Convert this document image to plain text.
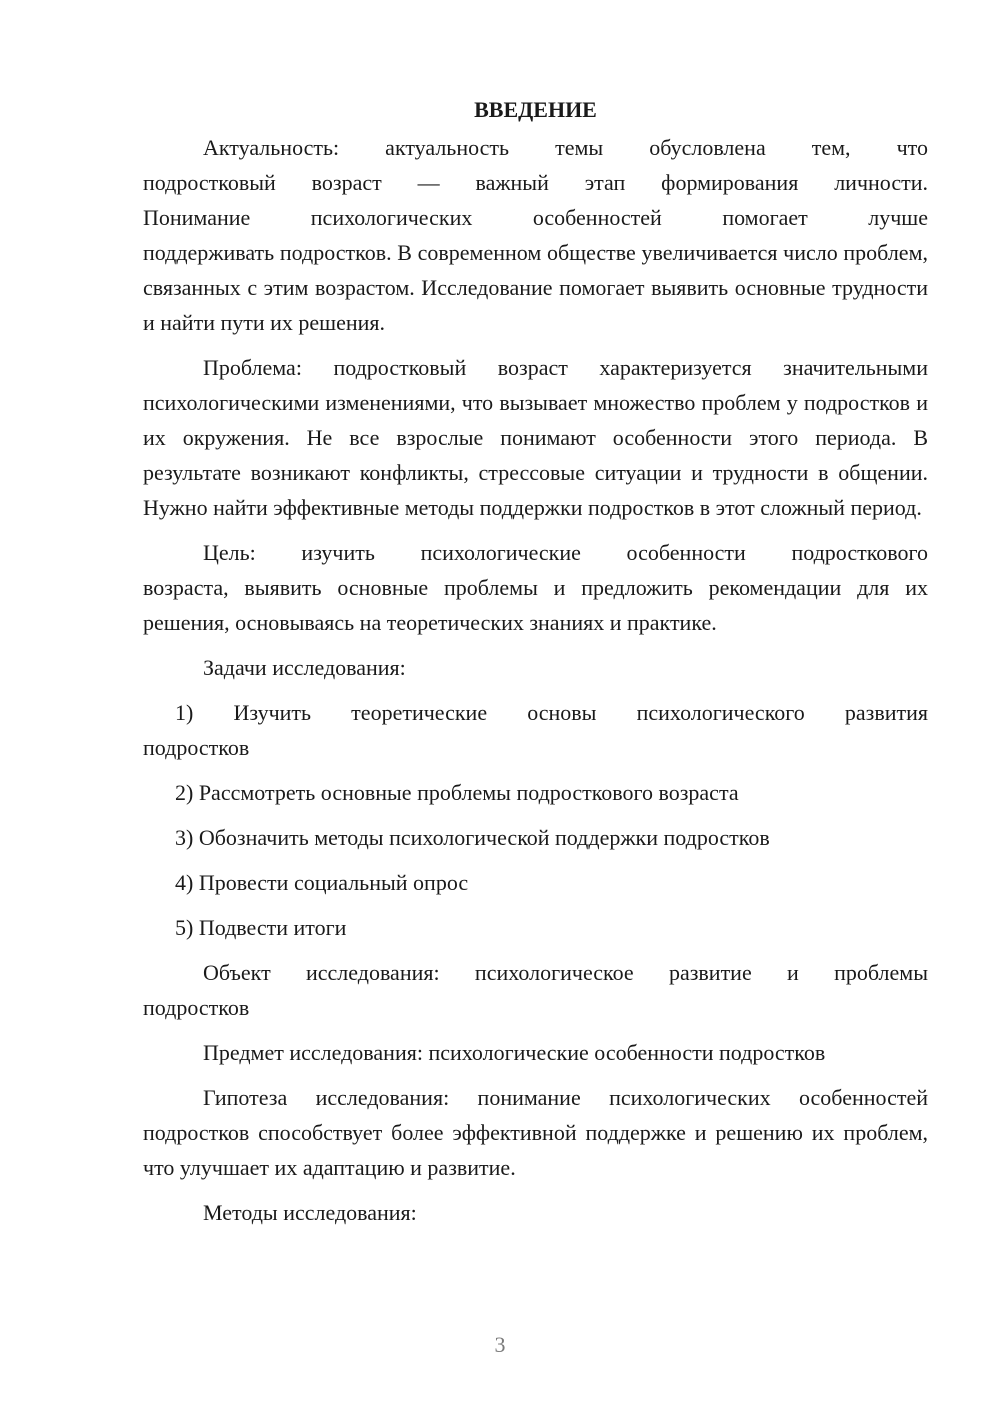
ВВЕДЕНИЕ
Актуальность: актуальность темы обусловлена тем, что
подростковый возраст — важный этап формирования личности.
Понимание психологических особенностей помогает лучше
поддерживать подростков. В современном обществе увеличивается число проблем, связанных с этим возрастом. Исследование помогает выявить основные трудности и найти пути их решения.
Проблема: подростковый возраст характеризуется значительными психологическими изменениями, что вызывает множество проблем у подростков и их окружения. Не все взрослые понимают особенности этого периода. В результате возникают конфликты, стрессовые ситуации и трудности в общении. Нужно найти эффективные методы поддержки подростков в этот сложный период.
Цель: изучить психологические особенности подросткового
возраста, выявить основные проблемы и предложить рекомендации для их решения, основываясь на теоретических знаниях и практике.
Задачи исследования:
1) Изучить теоретические основы психологического развития
подростков
2) Рассмотреть основные проблемы подросткового возраста
3) Обозначить методы психологической поддержки подростков
4) Провести социальный опрос
5) Подвести итоги
Объект исследования: психологическое развитие и проблемы
подростков
Предмет исследования: психологические особенности подростков
Гипотеза исследования: понимание психологических особенностей подростков способствует более эффективной поддержке и решению их проблем, что улучшает их адаптацию и развитие.
Методы исследования:
3
